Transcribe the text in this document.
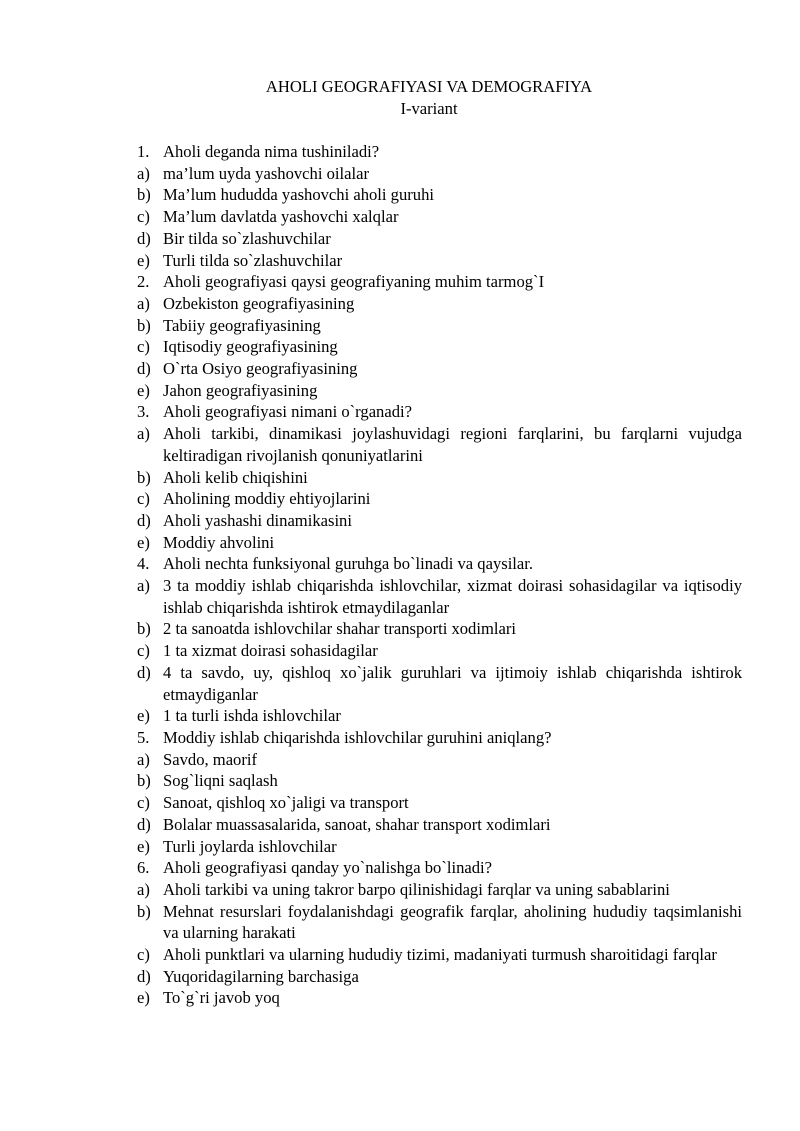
AHOLI GEOGRAFIYASI VA DEMOGRAFIYA
I-variant
1. Aholi deganda nima tushiniladi?
a) ma’lum uyda yashovchi oilalar
b) Ma’lum hududda yashovchi aholi guruhi
c) Ma’lum davlatda yashovchi xalqlar
d) Bir tilda so`zlashuvchilar
e) Turli tilda so`zlashuvchilar
2. Aholi geografiyasi qaysi geografiyaning muhim tarmog`I
a) Ozbekiston geografiyasining
b) Tabiiy geografiyasining
c) Iqtisodiy geografiyasining
d) O`rta Osiyo geografiyasining
e) Jahon geografiyasining
3. Aholi geografiyasi nimani o`rganadi?
a) Aholi tarkibi, dinamikasi joylashuvidagi regioni farqlarini, bu farqlarni vujudga keltiradigan rivojlanish qonuniyatlarini
b) Aholi kelib chiqishini
c) Aholining moddiy ehtiyojlarini
d) Aholi yashashi dinamikasini
e) Moddiy ahvolini
4. Aholi nechta funksiyonal guruhga bo`linadi va qaysilar.
a) 3 ta moddiy ishlab chiqarishda ishlovchilar, xizmat doirasi sohasidagilar va iqtisodiy ishlab chiqarishda ishtirok etmaydilaganlar
b) 2 ta sanoatda ishlovchilar shahar transporti xodimlari
c) 1 ta xizmat doirasi sohasidagilar
d) 4 ta savdo, uy, qishloq xo`jalik guruhlari va ijtimoiy ishlab chiqarishda ishtirok etmaydiganlar
e) 1 ta turli ishda ishlovchilar
5. Moddiy ishlab chiqarishda ishlovchilar guruhini aniqlang?
a) Savdo, maorif
b) Sog`liqni saqlash
c) Sanoat, qishloq xo`jaligi va transport
d) Bolalar muassasalarida, sanoat, shahar transport xodimlari
e) Turli joylarda ishlovchilar
6. Aholi geografiyasi qanday yo`nalishga bo`linadi?
a) Aholi tarkibi va uning takror barpo qilinishidagi farqlar va uning sabablarini
b) Mehnat resurslari foydalanishdagi geografik farqlar, aholining hududiy taqsimlanishi va ularning harakati
c) Aholi punktlari va ularning hududiy tizimi, madaniyati turmush sharoitidagi farqlar
d) Yuqoridagilarning barchasiga
e) To`g`ri javob yoq
